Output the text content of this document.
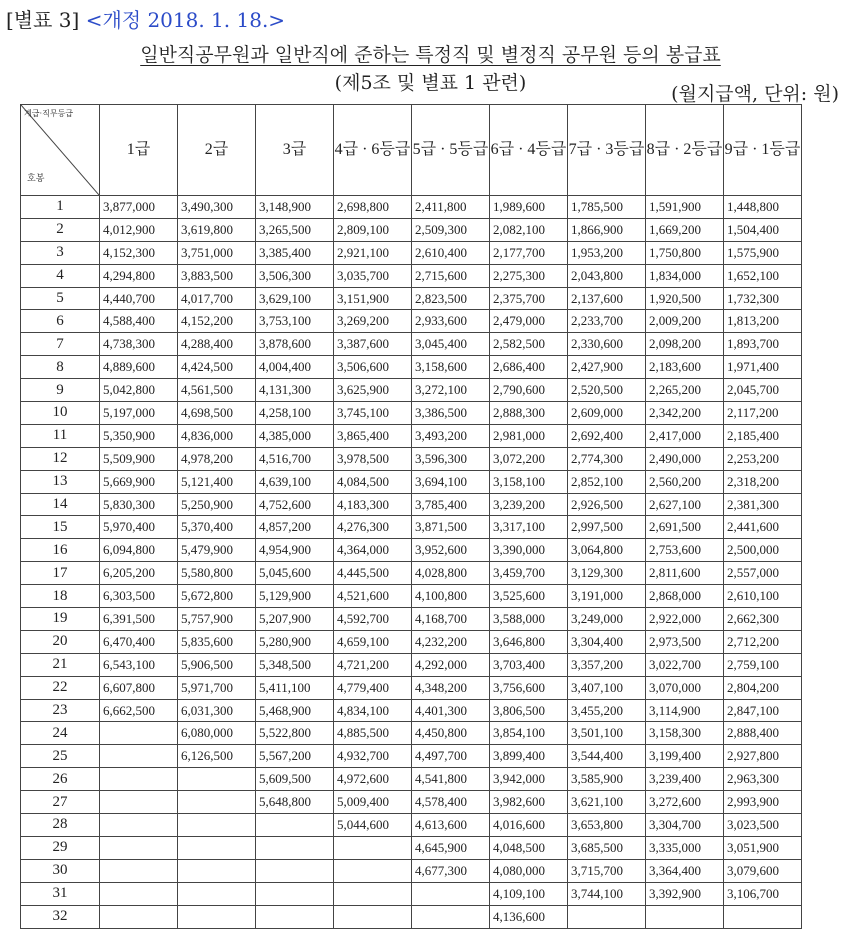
[별표 3] <개정 2018. 1. 18.>
일반직공무원과 일반직에 준하는 특정직 및 별정직 공무원 등의 봉급표
(제5조 및 별표 1 관련)	(월지급액, 단위: 원)
계급·직무등급
호봉	1급	2급	3급	4급 · 6등급	5급 · 5등급	6급 · 4등급	7급 · 3등급	8급 · 2등급	9급 · 1등급
1	3,877,000	3,490,300	3,148,900	2,698,800	2,411,800	1,989,600	1,785,500	1,591,900	1,448,800
2	4,012,900	3,619,800	3,265,500	2,809,100	2,509,300	2,082,100	1,866,900	1,669,200	1,504,400
3	4,152,300	3,751,000	3,385,400	2,921,100	2,610,400	2,177,700	1,953,200	1,750,800	1,575,900
4	4,294,800	3,883,500	3,506,300	3,035,700	2,715,600	2,275,300	2,043,800	1,834,000	1,652,100
5	4,440,700	4,017,700	3,629,100	3,151,900	2,823,500	2,375,700	2,137,600	1,920,500	1,732,300
6	4,588,400	4,152,200	3,753,100	3,269,200	2,933,600	2,479,000	2,233,700	2,009,200	1,813,200
7	4,738,300	4,288,400	3,878,600	3,387,600	3,045,400	2,582,500	2,330,600	2,098,200	1,893,700
8	4,889,600	4,424,500	4,004,400	3,506,600	3,158,600	2,686,400	2,427,900	2,183,600	1,971,400
9	5,042,800	4,561,500	4,131,300	3,625,900	3,272,100	2,790,600	2,520,500	2,265,200	2,045,700
10	5,197,000	4,698,500	4,258,100	3,745,100	3,386,500	2,888,300	2,609,000	2,342,200	2,117,200
11	5,350,900	4,836,000	4,385,000	3,865,400	3,493,200	2,981,000	2,692,400	2,417,000	2,185,400
12	5,509,900	4,978,200	4,516,700	3,978,500	3,596,300	3,072,200	2,774,300	2,490,000	2,253,200
13	5,669,900	5,121,400	4,639,100	4,084,500	3,694,100	3,158,100	2,852,100	2,560,200	2,318,200
14	5,830,300	5,250,900	4,752,600	4,183,300	3,785,400	3,239,200	2,926,500	2,627,100	2,381,300
15	5,970,400	5,370,400	4,857,200	4,276,300	3,871,500	3,317,100	2,997,500	2,691,500	2,441,600
16	6,094,800	5,479,900	4,954,900	4,364,000	3,952,600	3,390,000	3,064,800	2,753,600	2,500,000
17	6,205,200	5,580,800	5,045,600	4,445,500	4,028,800	3,459,700	3,129,300	2,811,600	2,557,000
18	6,303,500	5,672,800	5,129,900	4,521,600	4,100,800	3,525,600	3,191,000	2,868,000	2,610,100
19	6,391,500	5,757,900	5,207,900	4,592,700	4,168,700	3,588,000	3,249,000	2,922,000	2,662,300
20	6,470,400	5,835,600	5,280,900	4,659,100	4,232,200	3,646,800	3,304,400	2,973,500	2,712,200
21	6,543,100	5,906,500	5,348,500	4,721,200	4,292,000	3,703,400	3,357,200	3,022,700	2,759,100
22	6,607,800	5,971,700	5,411,100	4,779,400	4,348,200	3,756,600	3,407,100	3,070,000	2,804,200
23	6,662,500	6,031,300	5,468,900	4,834,100	4,401,300	3,806,500	3,455,200	3,114,900	2,847,100
24		6,080,000	5,522,800	4,885,500	4,450,800	3,854,100	3,501,100	3,158,300	2,888,400
25		6,126,500	5,567,200	4,932,700	4,497,700	3,899,400	3,544,400	3,199,400	2,927,800
26			5,609,500	4,972,600	4,541,800	3,942,000	3,585,900	3,239,400	2,963,300
27			5,648,800	5,009,400	4,578,400	3,982,600	3,621,100	3,272,600	2,993,900
28				5,044,600	4,613,600	4,016,600	3,653,800	3,304,700	3,023,500
29					4,645,900	4,048,500	3,685,500	3,335,000	3,051,900
30					4,677,300	4,080,000	3,715,700	3,364,400	3,079,600
31						4,109,100	3,744,100	3,392,900	3,106,700
32						4,136,600			
